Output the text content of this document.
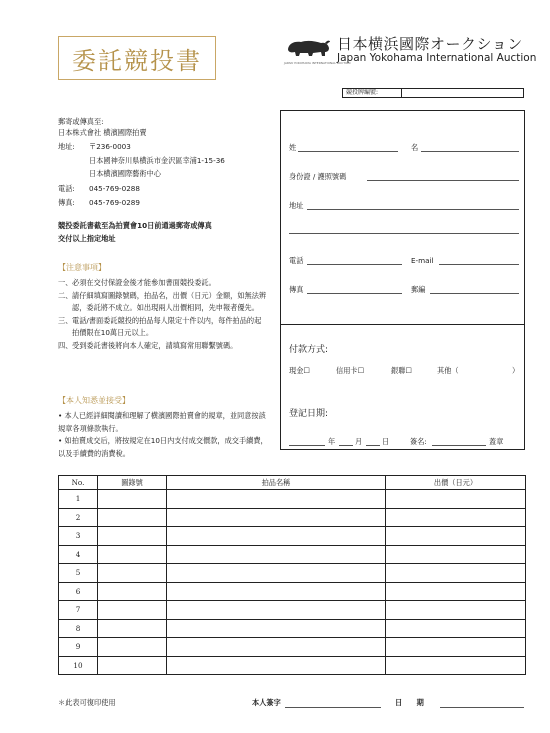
委託競投書
日本横浜國際オークション
Japan Yokohama International Auction
JAPAN YOKOHAMA INTERNATIONAL AUCTION
競投牌編號:
郵寄或傳真至:
日本株式會社 横濱國際拍賣
地址: 〒236-0003
日本國神奈川県横浜市金沢區幸浦1-15-36
日本横濱國際藝術中心
電話: 045-769-0288
傳真: 045-769-0289
競投委託書截至為拍賣會10日前通過郵寄或傳真
交付以上指定地址
【注意事項】
一、 必須在交付保證金後才能參加書面競投委託。
二、 請仔細填寫圖錄號碼，拍品名，出價（日元）金額，如無法辨認，委託將不成立。如出現兩人出價相同，先申報者優先。
三、 電話/書面委託競投的拍品每人限定十件以内，每件拍品的起拍價限在10萬日元以上。
四、 受到委託書後將向本人確定，請填寫常用聯繫號碼。
【本人知悉並接受】
• 本人已經詳細閱讀和理解了横濱國際拍賣會的規章，並同意按該規章各項條款執行。
• 如拍賣成交后，將按規定在10日内支付成交價款，成交手續費，以及手續費的消費稅。
姓	名
身份證 / 護照號碼
地址
電話	E-mail
傳真	郵編
付款方式:
現金☐	信用卡☐	銀聯☐	其他（	）
登記日期:
年	月	日	簽名:	蓋章
No.	圖錄號	拍品名稱	出價（日元）
1			
2			
3			
4			
5			
6			
7			
8			
9			
10			
＊此表可復印使用	本人簽字	日　　期
